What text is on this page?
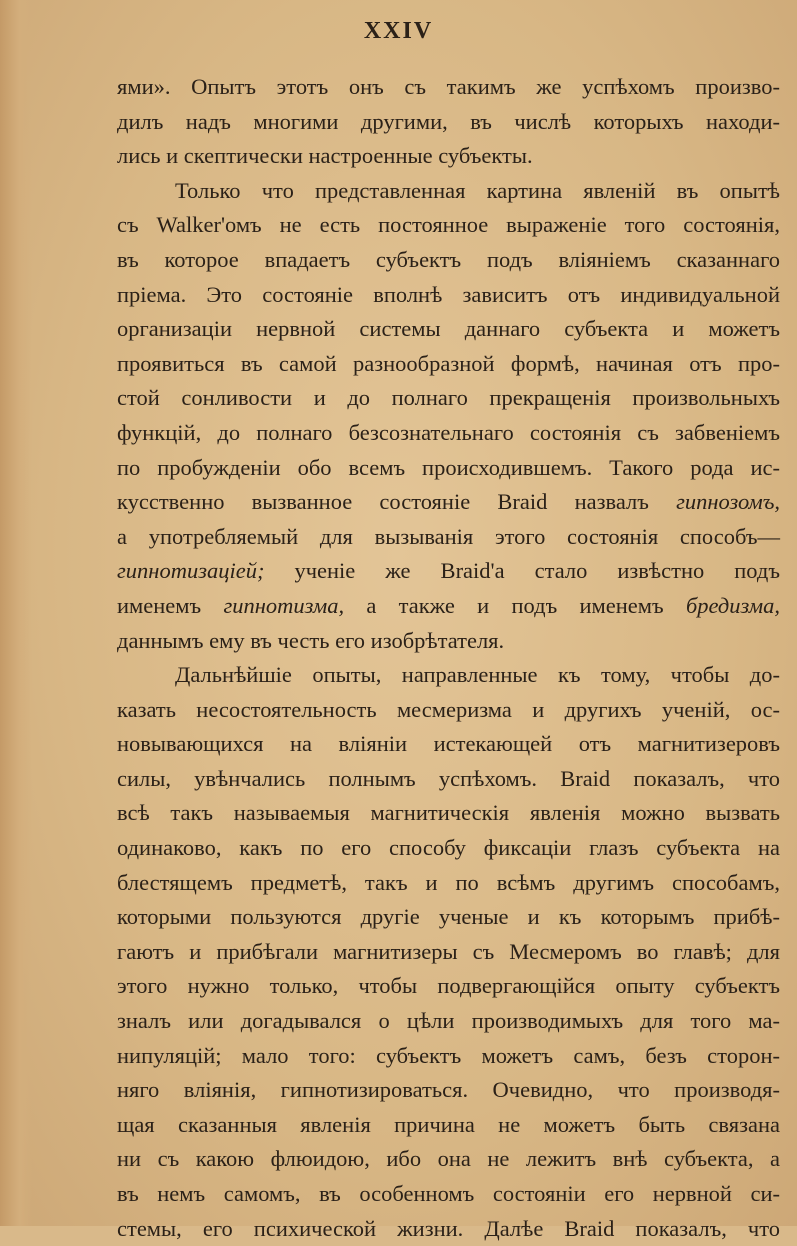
XXIV
ями». Опытъ этотъ онъ съ такимъ же успѣхомъ произво-
дилъ надъ многими другими, въ числѣ которыхъ находи-
лись и скептически настроенные субъекты.
Только что представленная картина явленій въ опытѣ
съ Walker'омъ не есть постоянное выраженіе того состоянія,
въ которое впадаетъ субъектъ подъ вліяніемъ сказаннаго
пріема. Это состояніе вполнѣ зависитъ отъ индивидуальной
организаціи нервной системы даннаго субъекта и можетъ
проявиться въ самой разнообразной формѣ, начиная отъ про-
стой сонливости и до полнаго прекращенія произвольныхъ
функцій, до полнаго безсознательнаго состоянія съ забвеніемъ
по пробужденіи обо всемъ происходившемъ. Такого рода ис-
кусственно вызванное состояніе Braid назвалъ гипнозомъ,
а употребляемый для вызыванія этого состоянія способъ—
гипнотизаціей; ученіе же Braid'а стало извѣстно подъ
именемъ гипнотизма, а также и подъ именемъ бредизма,
даннымъ ему въ честь его изобрѣтателя.
Дальнѣйшіе опыты, направленные къ тому, чтобы до-
казать несостоятельность месмеризма и другихъ ученій, ос-
новывающихся на вліяніи истекающей отъ магнитизеровъ
силы, увѣнчались полнымъ успѣхомъ. Braid показалъ, что
всѣ такъ называемыя магнитическія явленія можно вызвать
одинаково, какъ по его способу фиксаціи глазъ субъекта на
блестящемъ предметѣ, такъ и по всѣмъ другимъ способамъ,
которыми пользуются другіе ученые и къ которымъ прибѣ-
гаютъ и прибѣгали магнитизеры съ Месмеромъ во главѣ; для
этого нужно только, чтобы подвергающійся опыту субъектъ
зналъ или догадывался о цѣли производимыхъ для того ма-
нипуляцій; мало того: субъектъ можетъ самъ, безъ сторон-
няго вліянія, гипнотизироваться. Очевидно, что производя-
щая сказанныя явленія причина не можетъ быть связана
ни съ какою флюидою, ибо она не лежитъ внѣ субъекта, а
въ немъ самомъ, въ особенномъ состояніи его нервной си-
стемы, его психической жизни. Далѣе Braid показалъ, что
